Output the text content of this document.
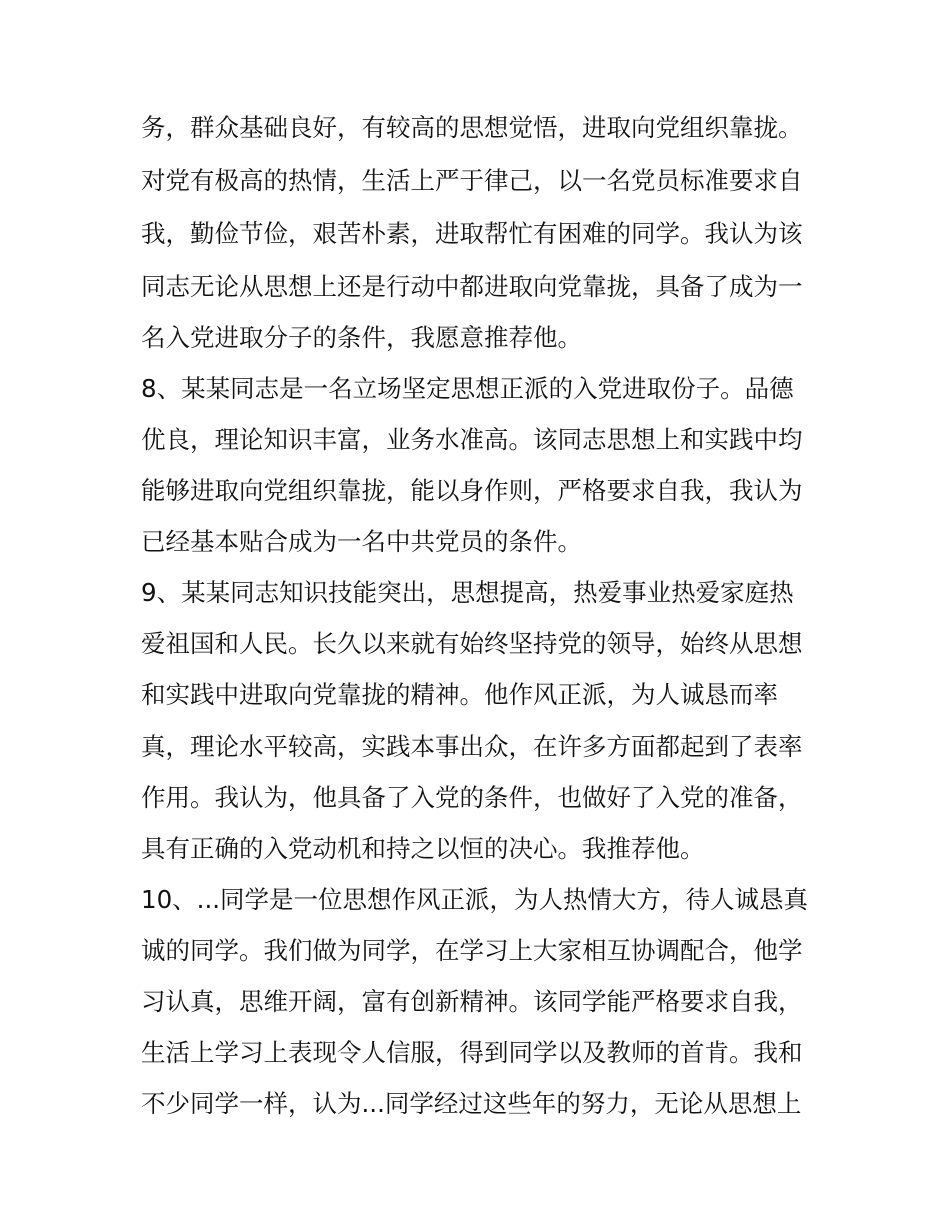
务，群众基础良好，有较高的思想觉悟，进取向党组织靠拢。

对党有极高的热情，生活上严于律己，以一名党员标准要求自

我，勤俭节俭，艰苦朴素，进取帮忙有困难的同学。我认为该

同志无论从思想上还是行动中都进取向党靠拢，具备了成为一

名入党进取分子的条件，我愿意推荐他。

8、某某同志是一名立场坚定思想正派的入党进取份子。品德

优良，理论知识丰富，业务水准高。该同志思想上和实践中均

能够进取向党组织靠拢，能以身作则，严格要求自我，我认为

已经基本贴合成为一名中共党员的条件。

9、某某同志知识技能突出，思想提高，热爱事业热爱家庭热

爱祖国和人民。长久以来就有始终坚持党的领导，始终从思想

和实践中进取向党靠拢的精神。他作风正派，为人诚恳而率

真，理论水平较高，实践本事出众，在许多方面都起到了表率

作用。我认为，他具备了入党的条件，也做好了入党的准备，

具有正确的入党动机和持之以恒的决心。我推荐他。

10、...同学是一位思想作风正派，为人热情大方，待人诚恳真

诚的同学。我们做为同学，在学习上大家相互协调配合，他学

习认真，思维开阔，富有创新精神。该同学能严格要求自我，

生活上学习上表现令人信服，得到同学以及教师的首肯。我和

不少同学一样，认为...同学经过这些年的努力，无论从思想上
